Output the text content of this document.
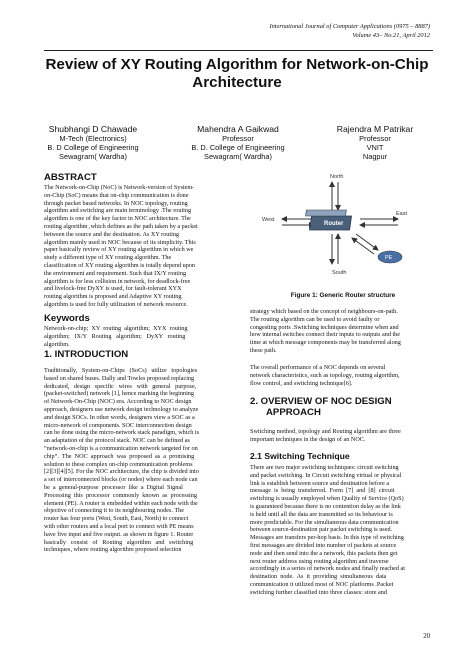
International Journal of Computer Applications (0975 – 8887)
Volume 43– No.21, April 2012
Review of XY Routing Algorithm for Network-on-Chip
Architecture
Shubhangi D Chawade
M-Tech (Electronics)
B. D College of Engineering
Sewagram( Wardha)
Mahendra A Gaikwad
Professor
B. D. College of Engineering
Sewagram( Wardha)
Rajendra M Patrikar
Professor
VNIT
Nagpur
ABSTRACT
The Network-on-Chip (NoC) is Network-version of System-
on-Chip (SoC) means that on-chip communication is done
through packet based networks. In NOC topology, routing
algorithm and switching are main terminology .The routing
algorithm is one of the key factor in NOC architecture. The
routing algorithm ,which defines as the path taken by a packet
between the source and the destination. As XY routing
algorithm mainly used in NOC because of its simplicity. This
paper basically review of XY routing algorithm in which we
study a different type of XY routing algorithm. The
classification of XY routing algorithm is totally depend upon
the environment and requirement. Such that IX/Y routing
algorithm is for less collision in network, for deadlock-free
and livelock-free DyXY is used, for fault-tolerant XYX
routing algorithm is proposed and Adaptive XY routing
algorithm is used for fully utilization of network resource.
Keywords
Network-on-chip;  XY  routing  algorithm;  XYX  routing
algorithm;   IX/Y   Routing   algorithm;   DyXY   routing
algorithm.
1. INTRODUCTION
Traditionally,   System-on-Chips   (SoCs)   utilize   topologies
based on shared buses. Dally and Towles proposed replacing
dedicated,   design   specific   wires   with   general   purpose,
(packet-switched) network [1], hence marking the beginning
of Network-On-Chip (NOC) era. According to NOC design
approach, designers use network design technology to analyze
and design SOCs. In other words, designers view a SOC as a
micro-network of components. SOC interconnection design
can be done using the micro-network stack paradigm, which is
an adaptation of the protocol stack. NOC can be defined as
“network-on-chip is a communication network targeted for on
chip”.  The  NOC  approach  was  proposed  as  a  promising
solution to these complex on-chip communication problems
[2][3][4][5]. For the NOC architecture, the chip is divided into
a set of interconnected blocks (or nodes) where each node can
be  a  general-purpose  processor  like  a  Digital  Signal
Processing  this  processor  commonly  known  as  processing
element (PE). A router is embedded within each node with the
objective of connecting it to its neighbouring nodes. The
router has four ports (West, South, East, North) to connect
with other routers and a local port to connect with PE means
have five input and five output. as shown in figure 1. Router
basically   consist   of   Routing   algorithm   and   switching
techniques, where routing algorithm proposed selection
Router
PE
North
West
East
South
Figure 1: Generic Router structure
strategy which based on the concept of neighbours-on-path.
The routing algorithm can be used to avoid faulty or
congesting ports .Switching techniques determine when and
how internal switches connect their inputs to outputs and the
time at which message components may be transferred along
these path.
The overall performance of a NOC depends on several
network characteristics, such as topology, routing algorithm,
flow control, and switching technique[6].
2. OVERVIEW OF NOC DESIGN
APPROACH
Switching method, topology and Routing algorithm are three
important techniques in the design of an NOC.
2.1 Switching Technique
There are two major switching techniques: circuit switching
and packet switching. In Circuit switching virtual or physical
link is establish between source and destination before a
message  is  being  transferred.  Form  [7]  and  [8]  circuit
switching is usually employed when Quality of Service (QoS)
is guaranteed because there is no contention delay as the link
is held until all the data are transmitted so its behaviour is
more predictable. For the simultaneous data communication
between source-destination pair packet switching is used.
Messages are transfers per-hop basis. In this type of switching
first messages are divided into number of packets at source
node and then send into the a network, this packets then get
next router address using routing algorithm and traverse
accordingly in a series of network nodes and finally reached at
destination  node.  As  it  providing  simultaneous  data
communication it utilized most of NOC platforms .Packet
switching further classified into three classes: store and
20
